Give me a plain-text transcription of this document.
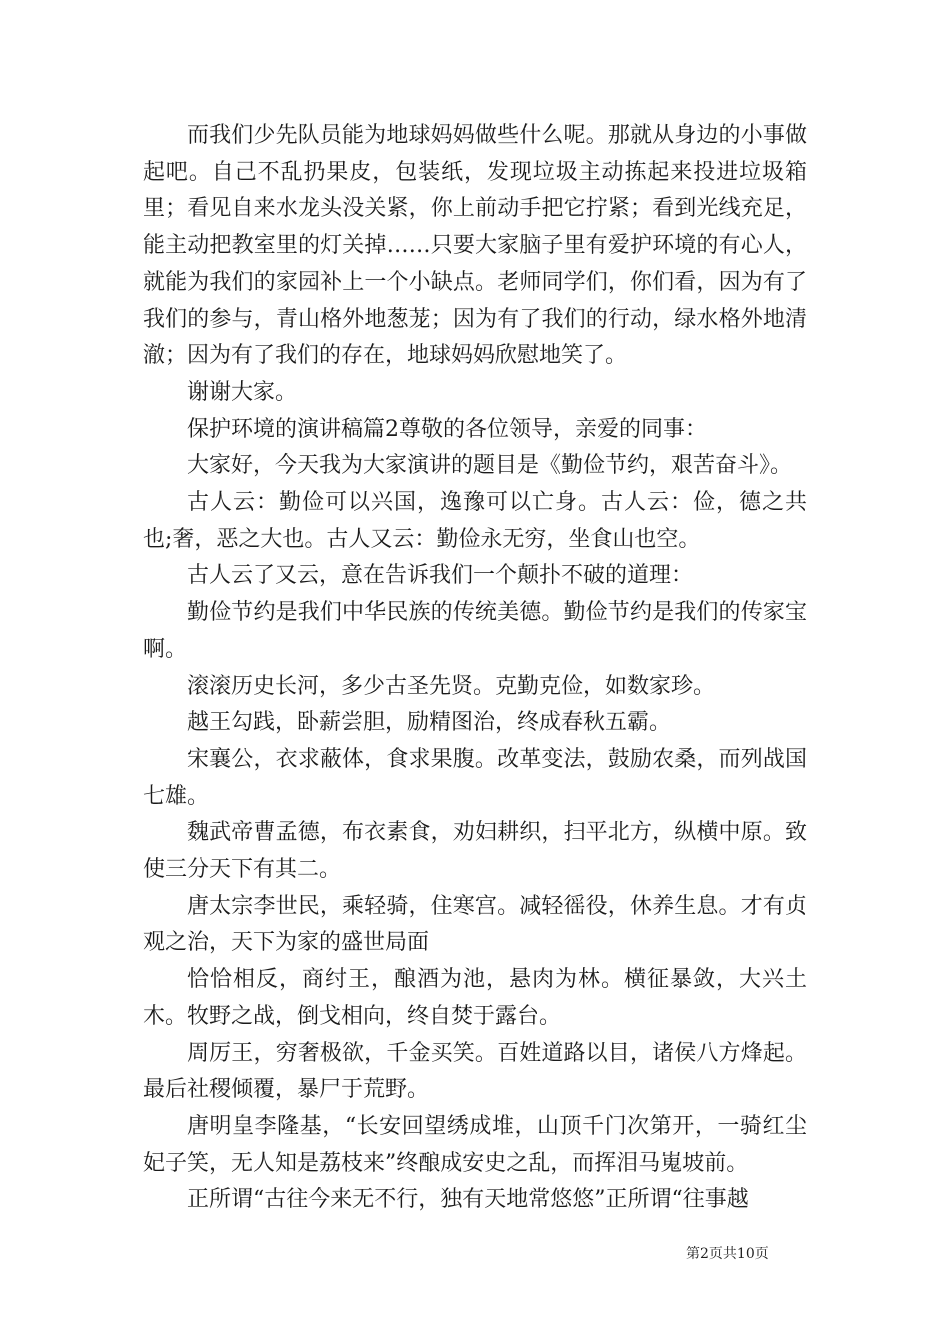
而我们少先队员能为地球妈妈做些什么呢。那就从身边的小事做起吧。自己不乱扔果皮，包装纸，发现垃圾主动拣起来投进垃圾箱里；看见自来水龙头没关紧，你上前动手把它拧紧；看到光线充足，能主动把教室里的灯关掉……只要大家脑子里有爱护环境的有心人，就能为我们的家园补上一个小缺点。老师同学们，你们看，因为有了我们的参与，青山格外地葱茏；因为有了我们的行动，绿水格外地清澈；因为有了我们的存在，地球妈妈欣慰地笑了。

谢谢大家。

保护环境的演讲稿篇2尊敬的各位领导，亲爱的同事：

大家好，今天我为大家演讲的题目是《勤俭节约，艰苦奋斗》。

古人云：勤俭可以兴国，逸豫可以亡身。古人云：俭，德之共也;奢，恶之大也。古人又云：勤俭永无穷，坐食山也空。

古人云了又云，意在告诉我们一个颠扑不破的道理：

勤俭节约是我们中华民族的传统美德。勤俭节约是我们的传家宝啊。

滚滚历史长河，多少古圣先贤。克勤克俭，如数家珍。

越王勾践，卧薪尝胆，励精图治，终成春秋五霸。

宋襄公，衣求蔽体，食求果腹。改革变法，鼓励农桑，而列战国七雄。

魏武帝曹孟德，布衣素食，劝妇耕织，扫平北方，纵横中原。致使三分天下有其二。

唐太宗李世民，乘轻骑，住寒宫。减轻徭役，休养生息。才有贞观之治，天下为家的盛世局面

恰恰相反，商纣王，酿酒为池，悬肉为林。横征暴敛，大兴土木。牧野之战，倒戈相向，终自焚于露台。

周厉王，穷奢极欲，千金买笑。百姓道路以目，诸侯八方烽起。最后社稷倾覆，暴尸于荒野。

唐明皇李隆基，“长安回望绣成堆，山顶千门次第开，一骑红尘妃子笑，无人知是荔枝来”终酿成安史之乱，而挥泪马嵬坡前。

正所谓“古往今来无不行，独有天地常悠悠”正所谓“往事越

第2页共10页
